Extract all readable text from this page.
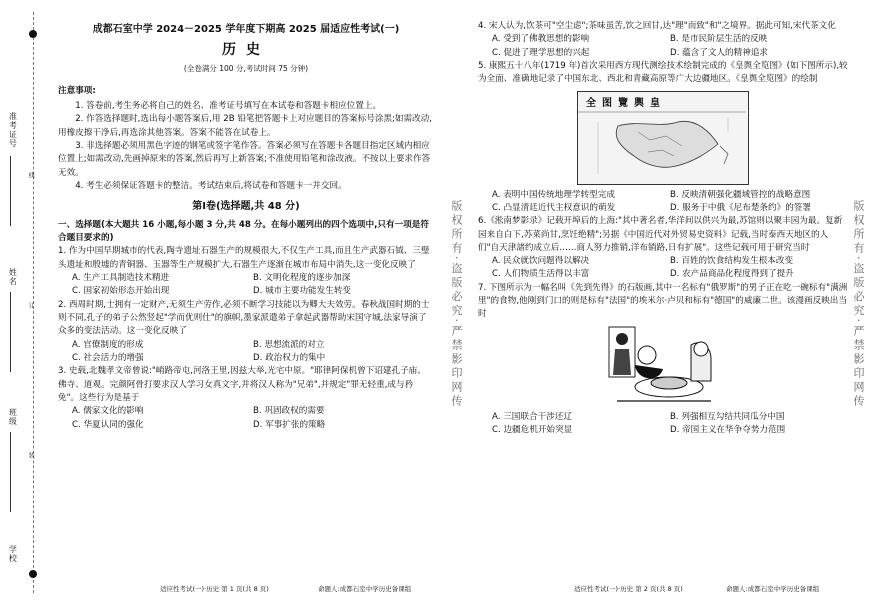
准考证号
姓名
班级
学校
线
订
装
成都石室中学 2024－2025 学年度下期高 2025 届适应性考试(一)
历史
(全卷满分 100 分,考试时间 75 分钟)
注意事项:

1. 答卷前,考生务必将自己的姓名、准考证号填写在本试卷和答题卡相应位置上。

2. 作答选择题时,选出每小题答案后,用 2B 铅笔把答题卡上对应题目的答案标号涂黑;如需改动,用橡皮擦干净后,再选涂其他答案。答案不能答在试卷上。

3. 非选择题必须用黑色字迹的钢笔或签字笔作答。答案必须写在答题卡各题目指定区域内相应位置上;如需改动,先画掉原来的答案,然后再写上新答案;不准使用铅笔和涂改液。不按以上要求作答无效。

4. 考生必须保证答题卡的整洁。考试结束后,将试卷和答题卡一并交回。

第Ⅰ卷(选择题,共 48 分)

一、选择题(本大题共 16 小题,每小题 3 分,共 48 分。在每小题列出的四个选项中,只有一项是符合题目要求的)

1. 作为中国早期城市的代表,陶寺遗址石器生产的规模很大,不仅生产工具,而且生产武器石钺、三璧头遗址和殷墟的青铜器、玉器等生产规模扩大,石器生产逐渐在城市布局中消失,这一变化反映了

A. 生产工具制造技术精进	B. 文明化程度的逐步加深
C. 国家初始形态开始出现	D. 城市主要功能发生转变

2. 西周时期,士拥有一定财产,无须生产劳作,必须不断学习技能以为卿大夫效劳。春秋战国时期的士则不同,孔子的弟子公然竖起"学而优则仕"的旗帜,墨家派遣弟子拿起武器帮助宋国守城,法家导演了众多的变法活动。这一变化反映了

A. 官僚制度的形成	B. 思想流派的对立
C. 社会活力的增强	D. 政治权力的集中

3. 史载,北魏孝文帝曾说:"峭路帝屯,河洛王里,因兹大举,光宅中原。"耶律阿保机曾下诏建孔子庙、佛寺、道观。完颜阿骨打要求汉人学习女真文字,并将汉人称为"兄弟",并规定"罪无轻重,成与矜免"。这些行为是基于

A. 儒家文化的影响	B. 巩固政权的需要
C. 华夏认同的强化	D. 军事扩张的策略

4. 宋人认为,饮茶可"空尘虑";茶味虽苦,饮之回甘,达"理"而致"和"之境界。据此可知,宋代茶文化

A. 受到了佛教思想的影响	B. 是市民阶层生活的反映
C. 促进了理学思想的兴起	D. 蕴含了文人的精神追求

5. 康熙五十八年(1719 年)首次采用西方现代测绘技术绘制完成的《皇舆全览图》(如下图所示),较为全面、准确地记录了中国东北、西北和青藏高原等广大边疆地区。《皇舆全览图》的绘制

全 图 覽 輿 皇
A. 表明中国传统地理学转型完成	B. 反映清朝强化疆域管控的战略意图
C. 凸显清廷近代主权意识的萌发	D. 服务于中俄《尼布楚条约》的签署

6.《淞南梦影录》记载开埠后的上海:"其中著名者,华洋间以供兴为最,苏馆则以聚丰园为最。复新园来自白下,苏菜尚甘,烹饪绝精";另据《中国近代对外贸易史资料》记载,当时泰西天地区的人们"自天津諸约成立后……商人努力推销,洋布销路,日有扩展"。这些记载可用于研究当时

A. 民众就饮问题得以解决	B. 百姓的饮食结构发生根本改变
C. 人们物质生活得以丰富	D. 农产品商品化程度得到了提升

7. 下图所示为一幅名叫《先到先得》的石版画,其中一名标有"俄罗斯"的男子正在吃一碗标有"满洲里"的食物,他刚到门口的则是标有"法国"的埃米尔·卢贝和标有"德国"的威廉二世。该漫画反映出当时

A. 三国联合干涉还辽	B. 列强相互勾结共同瓜分中国
C. 边疆危机开始突显	D. 帝国主义在华争夺势力范围
版权所有·盗版必究·严禁影印网传	版权所有·盗版必究·严禁影印网传
适应性考试(一)·历史 第 1 页(共 8 页)	命题人:成都石室中学历史备课组	适应性考试(一)·历史 第 2 页(共 8 页)	命题人:成都石室中学历史备课组
